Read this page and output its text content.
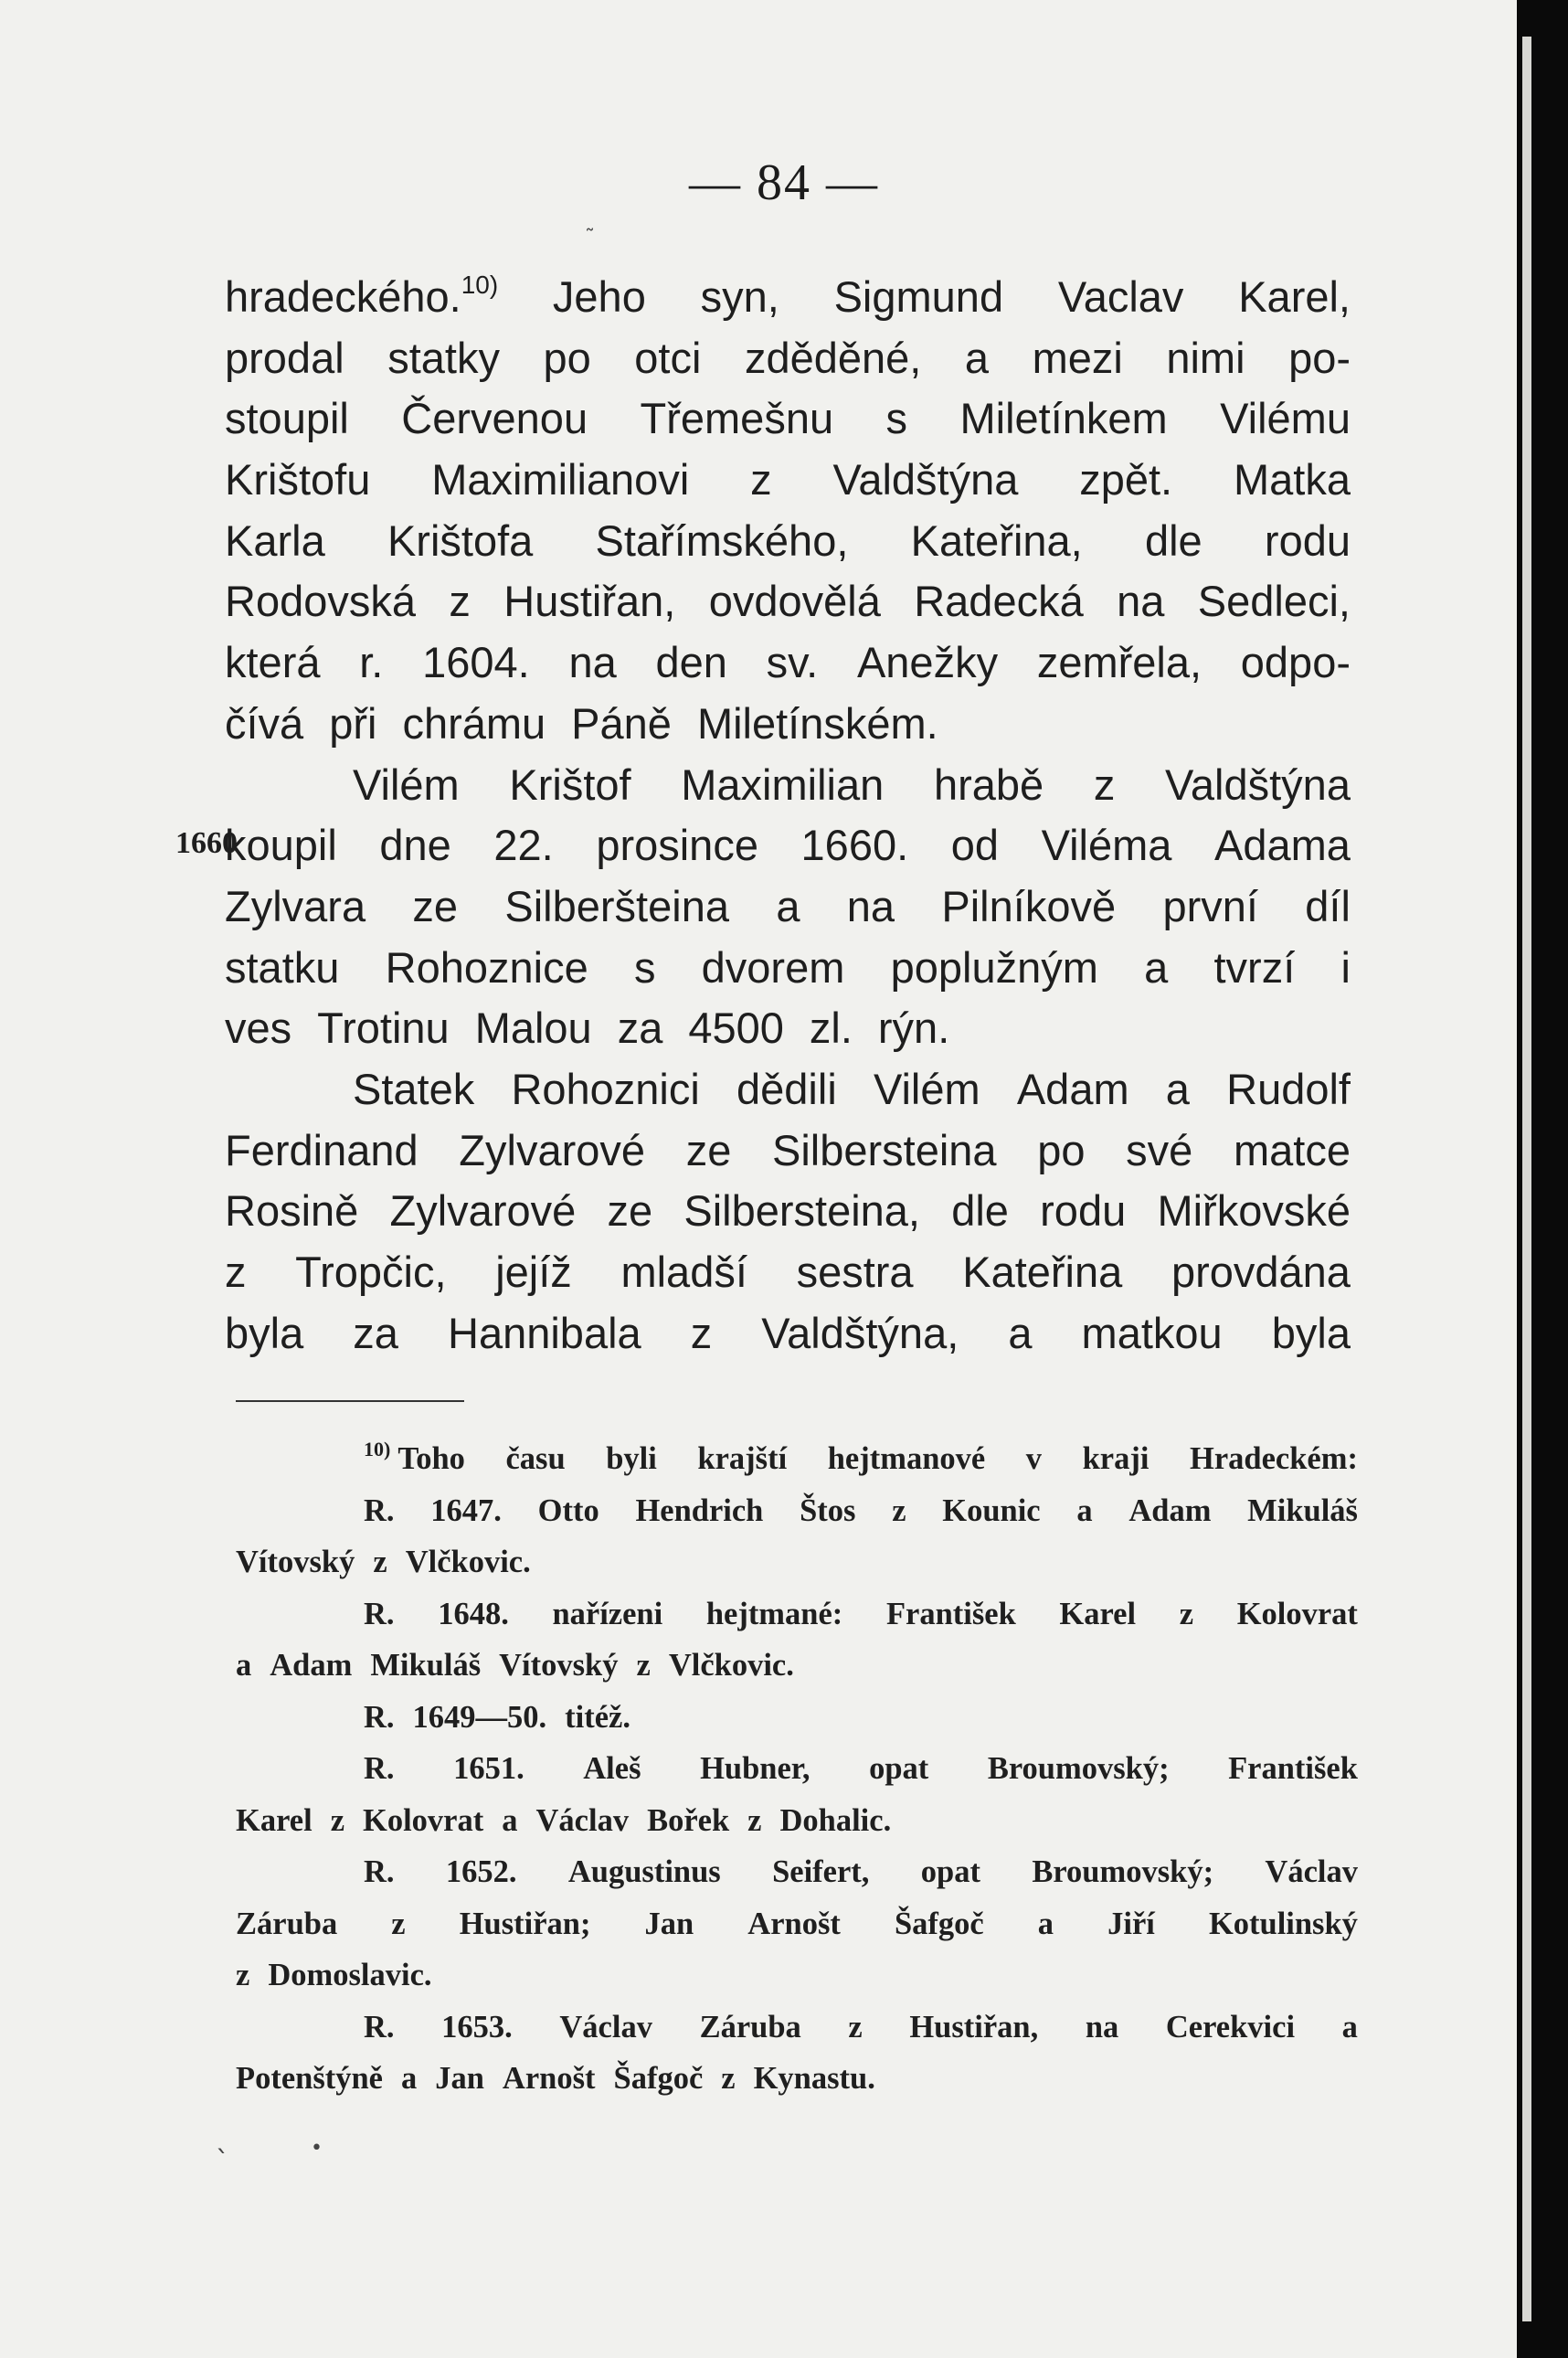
— 84 —
1660
hradeckého.$^{10)}$ Jeho syn, Sigmund Vaclav Karel,
prodal statky po otci zděděné, a mezi nimi po-
stoupil Červenou Třemešnu s Miletínkem Vilému
Krištofu Maximilianovi z Valdštýna zpět. Matka
Karla Krištofa Stařímského, Kateřina, dle rodu
Rodovská z Hustiřan, ovdovělá Radecká na Sedleci,
která r. 1604. na den sv. Anežky zemřela, odpo-
čívá při chrámu Páně Miletínském.
Vilém Krištof Maximilian hrabě z Valdštýna
koupil dne 22. prosince 1660. od Viléma Adama
Zylvara ze Silberšteina a na Pilníkově první díl
statku Rohoznice s dvorem poplužným a tvrzí i
ves Trotinu Malou za 4500 zl. rýn.
Statek Rohoznici dědili Vilém Adam a Rudolf
Ferdinand Zylvarové ze Silbersteina po své matce
Rosině Zylvarové ze Silbersteina, dle rodu Miřkovské
z Tropčic, jejíž mladší sestra Kateřina provdána
byla za Hannibala z Valdštýna, a matkou byla
$^{10)}$ Toho času byli krajští hejtmanové v kraji Hradeckém:
R. 1647. Otto Hendrich Štos z Kounic a Adam Mikuláš
Vítovský z Vlčkovic.
R. 1648. nařízeni hejtmané: František Karel z Kolovrat
a Adam Mikuláš Vítovský z Vlčkovic.
R. 1649—50. titéž.
R. 1651. Aleš Hubner, opat Broumovský; František
Karel z Kolovrat a Václav Bořek z Dohalic.
R. 1652. Augustinus Seifert, opat Broumovský; Václav
Záruba z Hustiřan; Jan Arnošt Šafgoč a Jiří Kotulinský
z Domoslavic.
R. 1653. Václav Záruba z Hustiřan, na Cerekvici a
Potenštýně a Jan Arnošt Šafgoč z Kynastu.
˜
ˎ	•
